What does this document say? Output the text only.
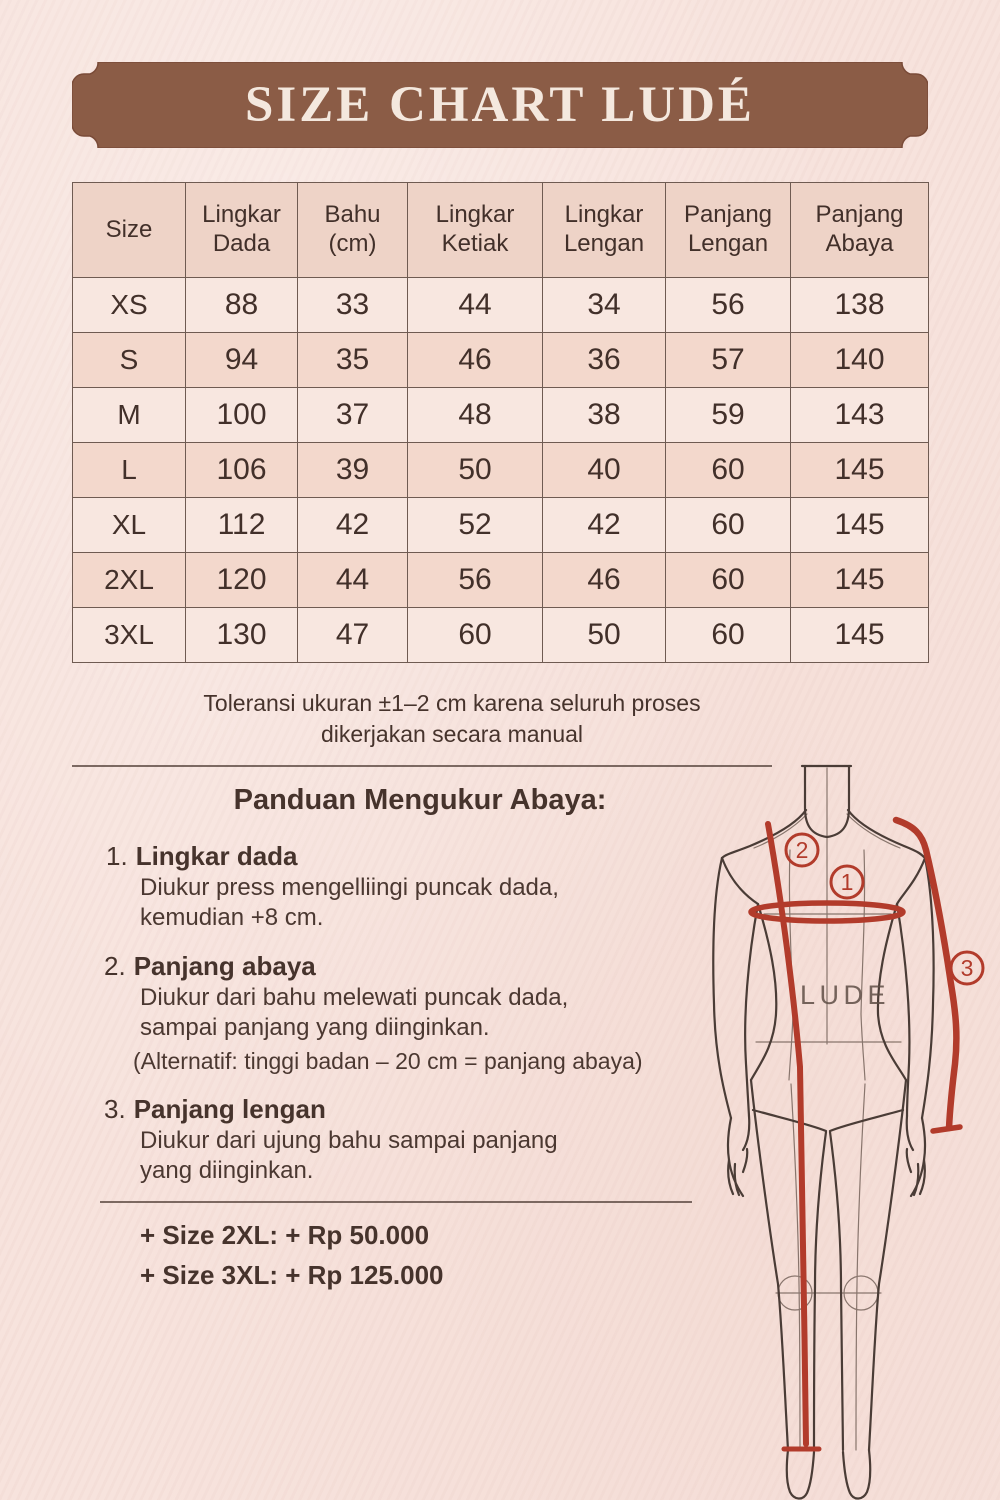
SIZE CHART LUDÉ
Size	Lingkar Dada	Bahu (cm)	Lingkar Ketiak	Lingkar Lengan	Panjang Lengan	Panjang Abaya
XS	88	33	44	34	56	138
S	94	35	46	36	57	140
M	100	37	48	38	59	143
L	106	39	50	40	60	145
XL	112	42	52	42	60	145
2XL	120	44	56	46	60	145
3XL	130	47	60	50	60	145
Toleransi ukuran ±1–2 cm karena seluruh proses
dikerjakan secara manual
Panduan Mengukur Abaya:
1. Lingkar dada
Diukur press mengelliingi puncak dada,
kemudian +8 cm.
2. Panjang abaya
Diukur dari bahu melewati puncak dada,
sampai panjang yang diinginkan.
(Alternatif: tinggi badan – 20 cm = panjang abaya)
3. Panjang lengan
Diukur dari ujung bahu sampai panjang
yang diinginkan.
+ Size 2XL: + Rp 50.000
+ Size 3XL: + Rp 125.000
LUDE
2
1
3
